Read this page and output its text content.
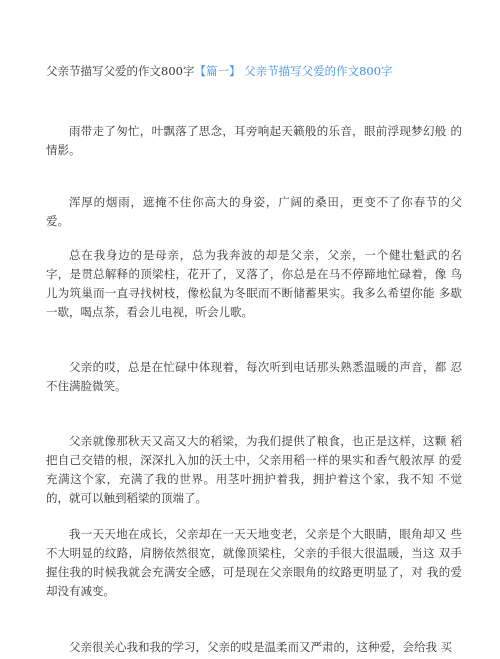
父亲节描写父爱的作文800字【篇一】 父亲节描写父爱的作文800字

雨带走了匆忙，叶飘落了思念，耳旁响起天籁般的乐音，眼前浮现梦幻般 的情影。

浑厚的烟雨，遮掩不住你高大的身姿，广阔的桑田，更变不了你春节的父 爱。

总在我身边的是母亲，总为我奔波的却是父亲，父亲，一个健壮魁武的名 字，是贯总解释的顶梁柱，花开了，叉落了，你总是在马不停蹄地忙碌着，像 鸟儿为筑巢而一直寻找树枝，像松鼠为冬眠而不断储蓄果实。我多么希望你能 多歇一歇，喝点茶，看会儿电视，听会儿歌。

父亲的哎，总是在忙碌中体现着，每次听到电话那头熟悉温暖的声音，都 忍不住满脸微笑。

父亲就像那秋天又高又大的稻梁，为我们提供了粮食，也正是这样，这颗 稻把自己交错的根，深深扎入加的沃土中，父亲用稻一样的果实和香气般浓厚 的爱充满这个家，充满了我的世界。用茎叶拥护着我，拥护着这个家，我不知 不觉的，就可以触到稻梁的顶端了。

我一天天地在成长，父亲却在一天天地变老，父亲是个大眼睛，眼角却又 些不大明显的纹路，肩膀依然很宽，就像顶梁柱，父亲的手很大很温暖，当这 双手握住我的时候我就会充满安全感，可是现在父亲眼角的纹路更明显了，对 我的爱却没有减变。

父亲很关心我和我的学习，父亲的哎是温柔而又严肃的，这种爱，会给我 买
